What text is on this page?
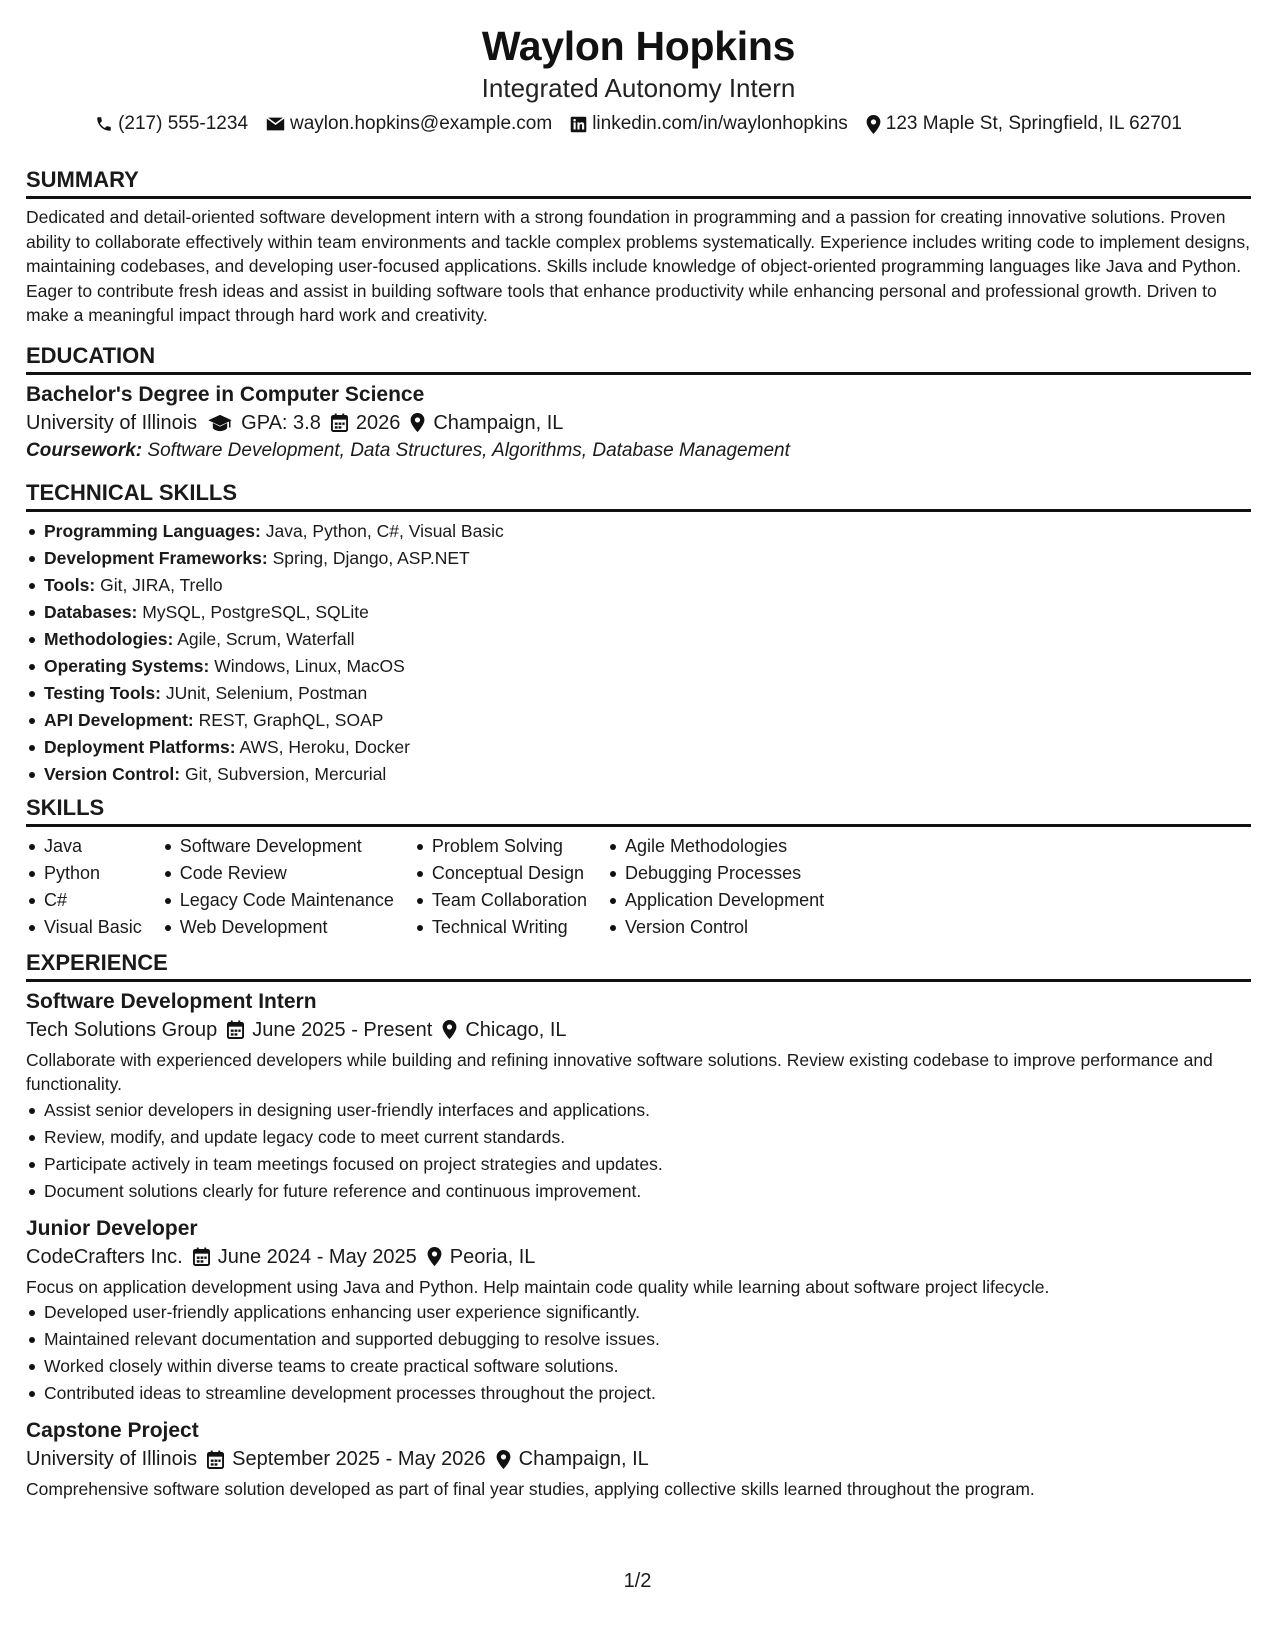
Waylon Hopkins
Integrated Autonomy Intern
(217) 555-1234 waylon.hopkins@example.com linkedin.com/in/waylonhopkins 123 Maple St, Springfield, IL 62701
SUMMARY
Dedicated and detail-oriented software development intern with a strong foundation in programming and a passion for creating innovative solutions. Proven ability to collaborate effectively within team environments and tackle complex problems systematically. Experience includes writing code to implement designs, maintaining codebases, and developing user-focused applications. Skills include knowledge of object-oriented programming languages like Java and Python. Eager to contribute fresh ideas and assist in building software tools that enhance productivity while enhancing personal and professional growth. Driven to make a meaningful impact through hard work and creativity.
EDUCATION
Bachelor's Degree in Computer Science
University of Illinois GPA: 3.8 2026 Champaign, IL
Coursework: Software Development, Data Structures, Algorithms, Database Management
TECHNICAL SKILLS
Programming Languages: Java, Python, C#, Visual Basic
Development Frameworks: Spring, Django, ASP.NET
Tools: Git, JIRA, Trello
Databases: MySQL, PostgreSQL, SQLite
Methodologies: Agile, Scrum, Waterfall
Operating Systems: Windows, Linux, MacOS
Testing Tools: JUnit, Selenium, Postman
API Development: REST, GraphQL, SOAP
Deployment Platforms: AWS, Heroku, Docker
Version Control: Git, Subversion, Mercurial
SKILLS
Java
Python
C#
Visual Basic
Software Development
Code Review
Legacy Code Maintenance
Web Development
Problem Solving
Conceptual Design
Team Collaboration
Technical Writing
Agile Methodologies
Debugging Processes
Application Development
Version Control
EXPERIENCE
Software Development Intern
Tech Solutions Group June 2025 - Present Chicago, IL
Collaborate with experienced developers while building and refining innovative software solutions. Review existing codebase to improve performance and functionality.
Assist senior developers in designing user-friendly interfaces and applications.
Review, modify, and update legacy code to meet current standards.
Participate actively in team meetings focused on project strategies and updates.
Document solutions clearly for future reference and continuous improvement.
Junior Developer
CodeCrafters Inc. June 2024 - May 2025 Peoria, IL
Focus on application development using Java and Python. Help maintain code quality while learning about software project lifecycle.
Developed user-friendly applications enhancing user experience significantly.
Maintained relevant documentation and supported debugging to resolve issues.
Worked closely within diverse teams to create practical software solutions.
Contributed ideas to streamline development processes throughout the project.
Capstone Project
University of Illinois September 2025 - May 2026 Champaign, IL
Comprehensive software solution developed as part of final year studies, applying collective skills learned throughout the program.
1/2
